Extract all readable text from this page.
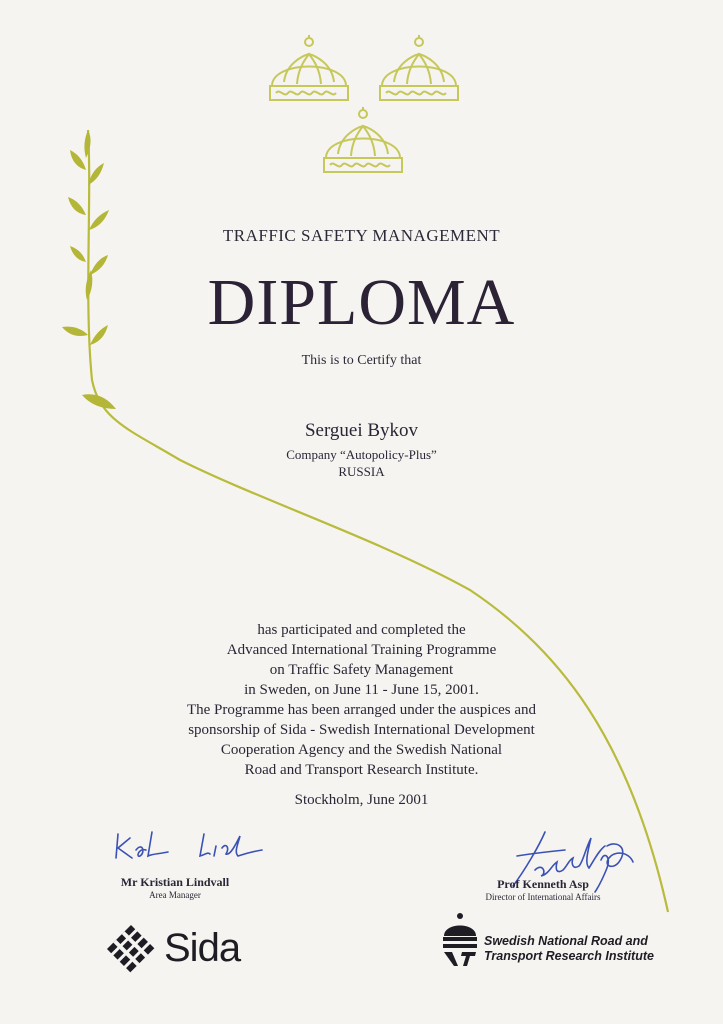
TRAFFIC SAFETY MANAGEMENT
DIPLOMA
This is to Certify that
Serguei Bykov
Company “Autopolicy-Plus”
RUSSIA
has participated and completed the
Advanced International Training Programme
on Traffic Safety Management
in Sweden, on June 11 - June 15, 2001.
The Programme has been arranged under the auspices and
sponsorship of Sida - Swedish International Development
Cooperation Agency and the Swedish National
Road and Transport Research Institute.
Stockholm, June 2001
Mr Kristian Lindvall
Area Manager
Prof Kenneth Asp
Director of International Affairs
Sida	Swedish National Road and
Transport Research Institute
